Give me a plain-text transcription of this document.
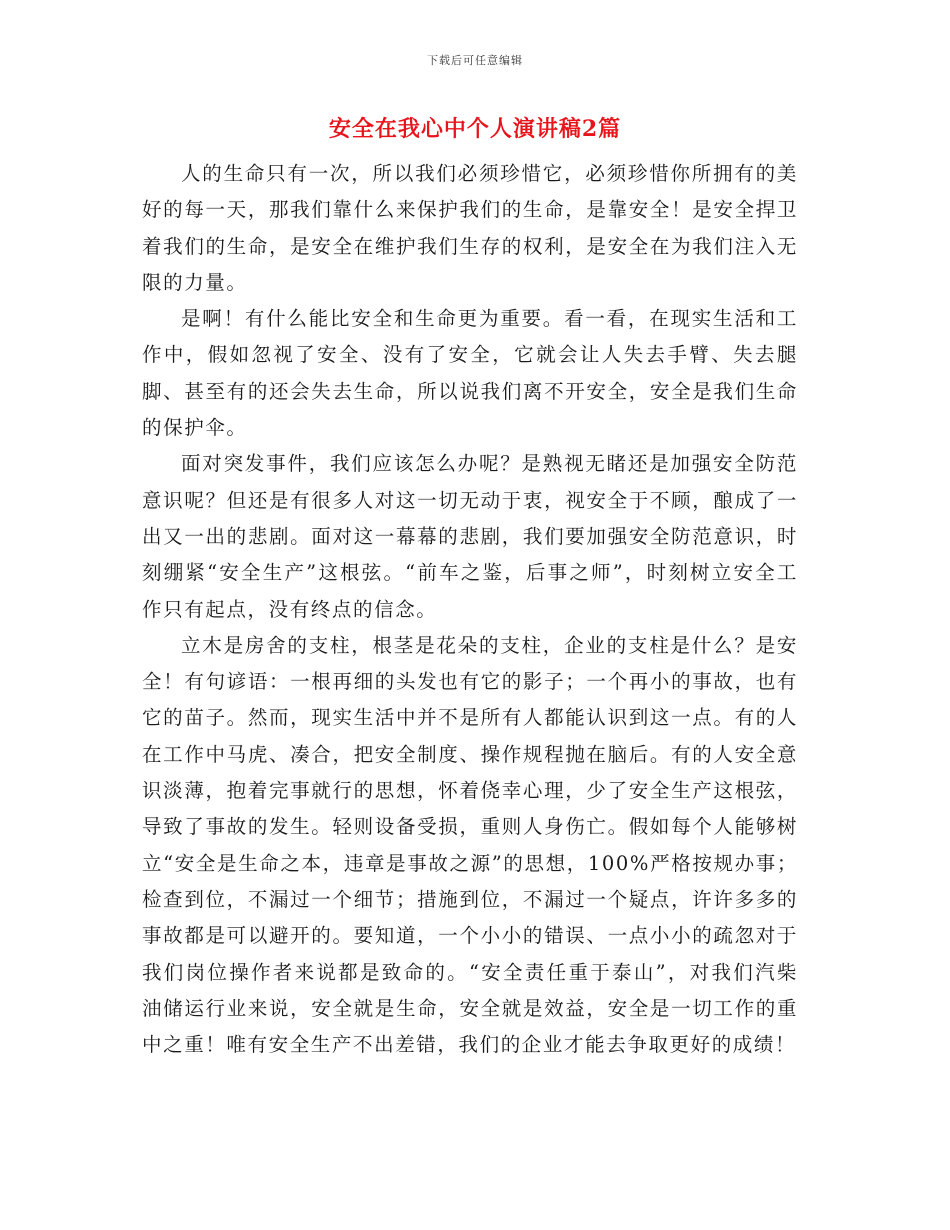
下载后可任意编辑
安全在我心中个人演讲稿2篇

人的生命只有一次，所以我们必须珍惜它，必须珍惜你所拥有的美好的每一天，那我们靠什么来保护我们的生命，是靠安全！是安全捍卫着我们的生命，是安全在维护我们生存的权利，是安全在为我们注入无限的力量。

是啊！有什么能比安全和生命更为重要。看一看，在现实生活和工作中，假如忽视了安全、没有了安全，它就会让人失去手臂、失去腿脚、甚至有的还会失去生命，所以说我们离不开安全，安全是我们生命的保护伞。

面对突发事件，我们应该怎么办呢？是熟视无睹还是加强安全防范意识呢？但还是有很多人对这一切无动于衷，视安全于不顾，酿成了一出又一出的悲剧。面对这一幕幕的悲剧，我们要加强安全防范意识，时刻绷紧“安全生产”这根弦。“前车之鉴，后事之师”，时刻树立安全工作只有起点，没有终点的信念。

立木是房舍的支柱，根茎是花朵的支柱，企业的支柱是什么？是安全！有句谚语：一根再细的头发也有它的影子；一个再小的事故，也有它的苗子。然而，现实生活中并不是所有人都能认识到这一点。有的人在工作中马虎、凑合，把安全制度、操作规程抛在脑后。有的人安全意识淡薄，抱着完事就行的思想，怀着侥幸心理，少了安全生产这根弦，导致了事故的发生。轻则设备受损，重则人身伤亡。假如每个人能够树立“安全是生命之本，违章是事故之源”的思想，100%严格按规办事；检查到位，不漏过一个细节；措施到位，不漏过一个疑点，许许多多的事故都是可以避开的。要知道，一个小小的错误、一点小小的疏忽对于我们岗位操作者来说都是致命的。“安全责任重于泰山”，对我们汽柴油储运行业来说，安全就是生命，安全就是效益，安全是一切工作的重中之重！唯有安全生产不出差错，我们的企业才能去争取更好的成绩！
